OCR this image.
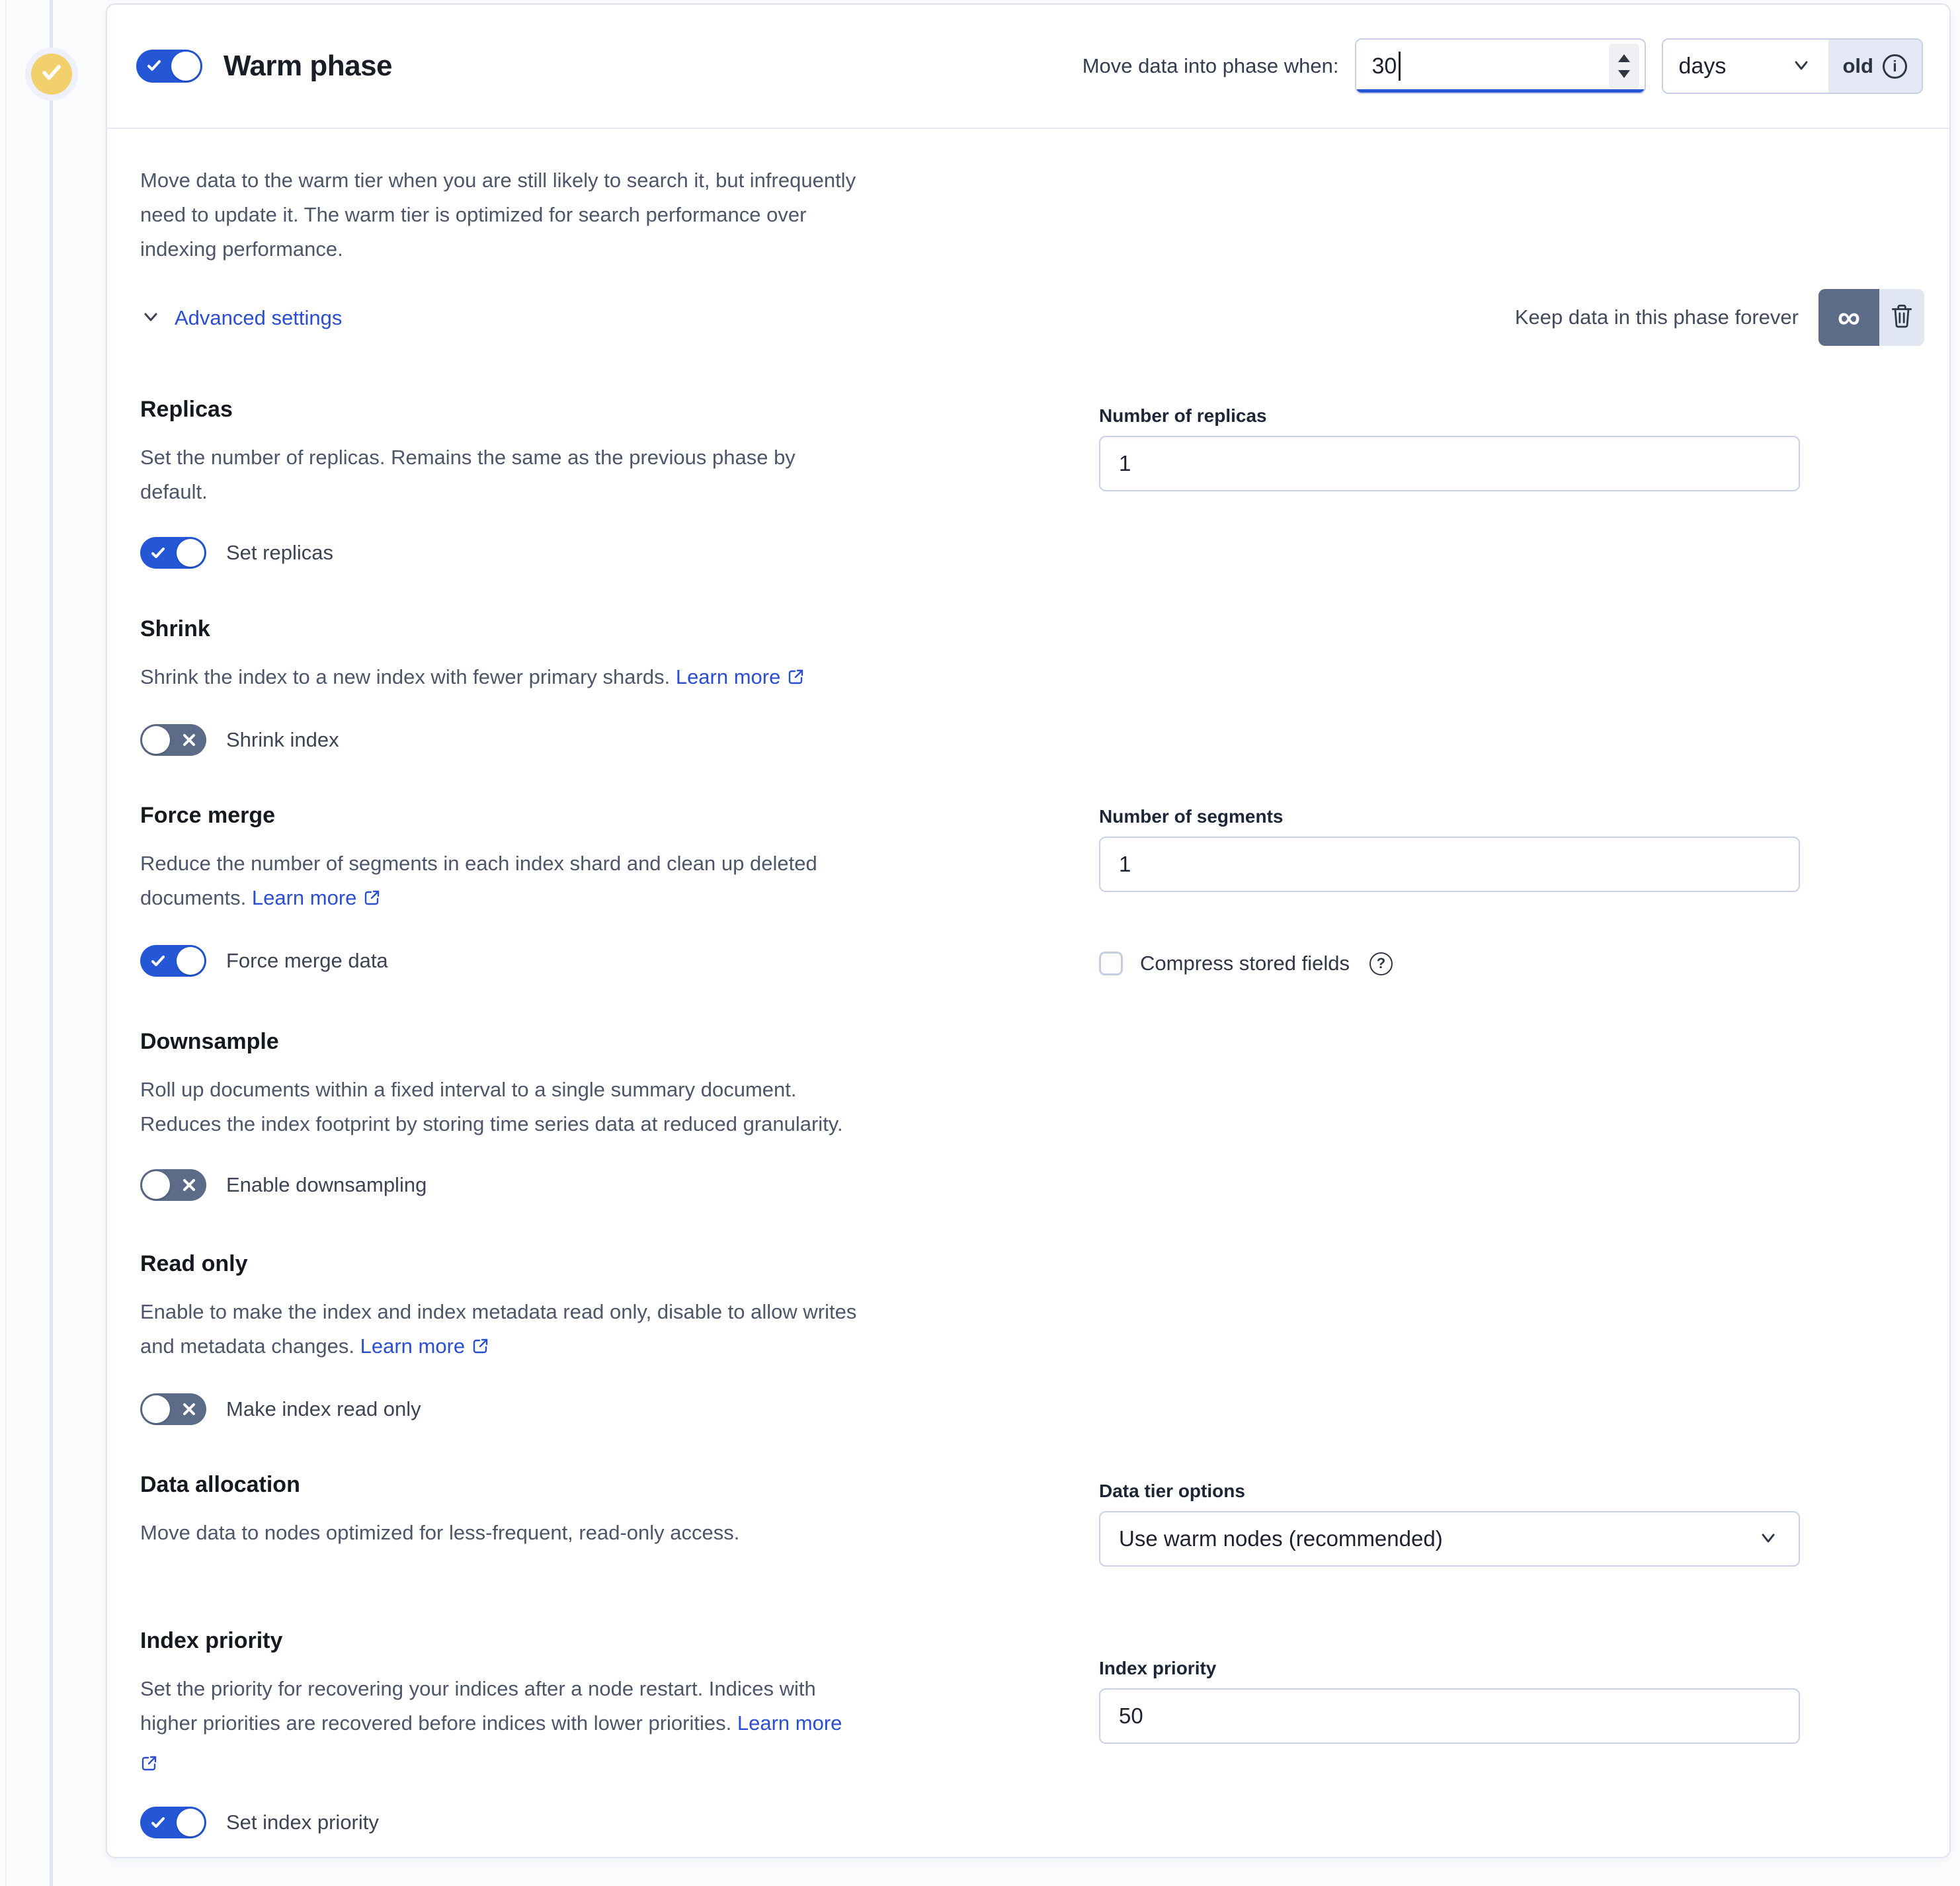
Warm phase	Move data into phase when: 30	days	old	i
Move data to the warm tier when you are still likely to search it, but infrequently
need to update it. The warm tier is optimized for search performance over
indexing performance.
Advanced settings	Keep data in this phase forever ∞
Replicas
Set the number of replicas. Remains the same as the previous phase by
default.
Set replicas
Number of replicas
1
Shrink
Shrink the index to a new index with fewer primary shards. Learn more
Shrink index
Force merge
Reduce the number of segments in each index shard and clean up deleted
documents. Learn more
Force merge data
Number of segments
1
Compress stored fields	?
Downsample
Roll up documents within a fixed interval to a single summary document.
Reduces the index footprint by storing time series data at reduced granularity.
Enable downsampling
Read only
Enable to make the index and index metadata read only, disable to allow writes
and metadata changes. Learn more
Make index read only
Data allocation
Move data to nodes optimized for less-frequent, read-only access.
Data tier options
Use warm nodes (recommended)
Index priority
Set the priority for recovering your indices after a node restart. Indices with
higher priorities are recovered before indices with lower priorities. Learn more
Set index priority
Index priority
50
